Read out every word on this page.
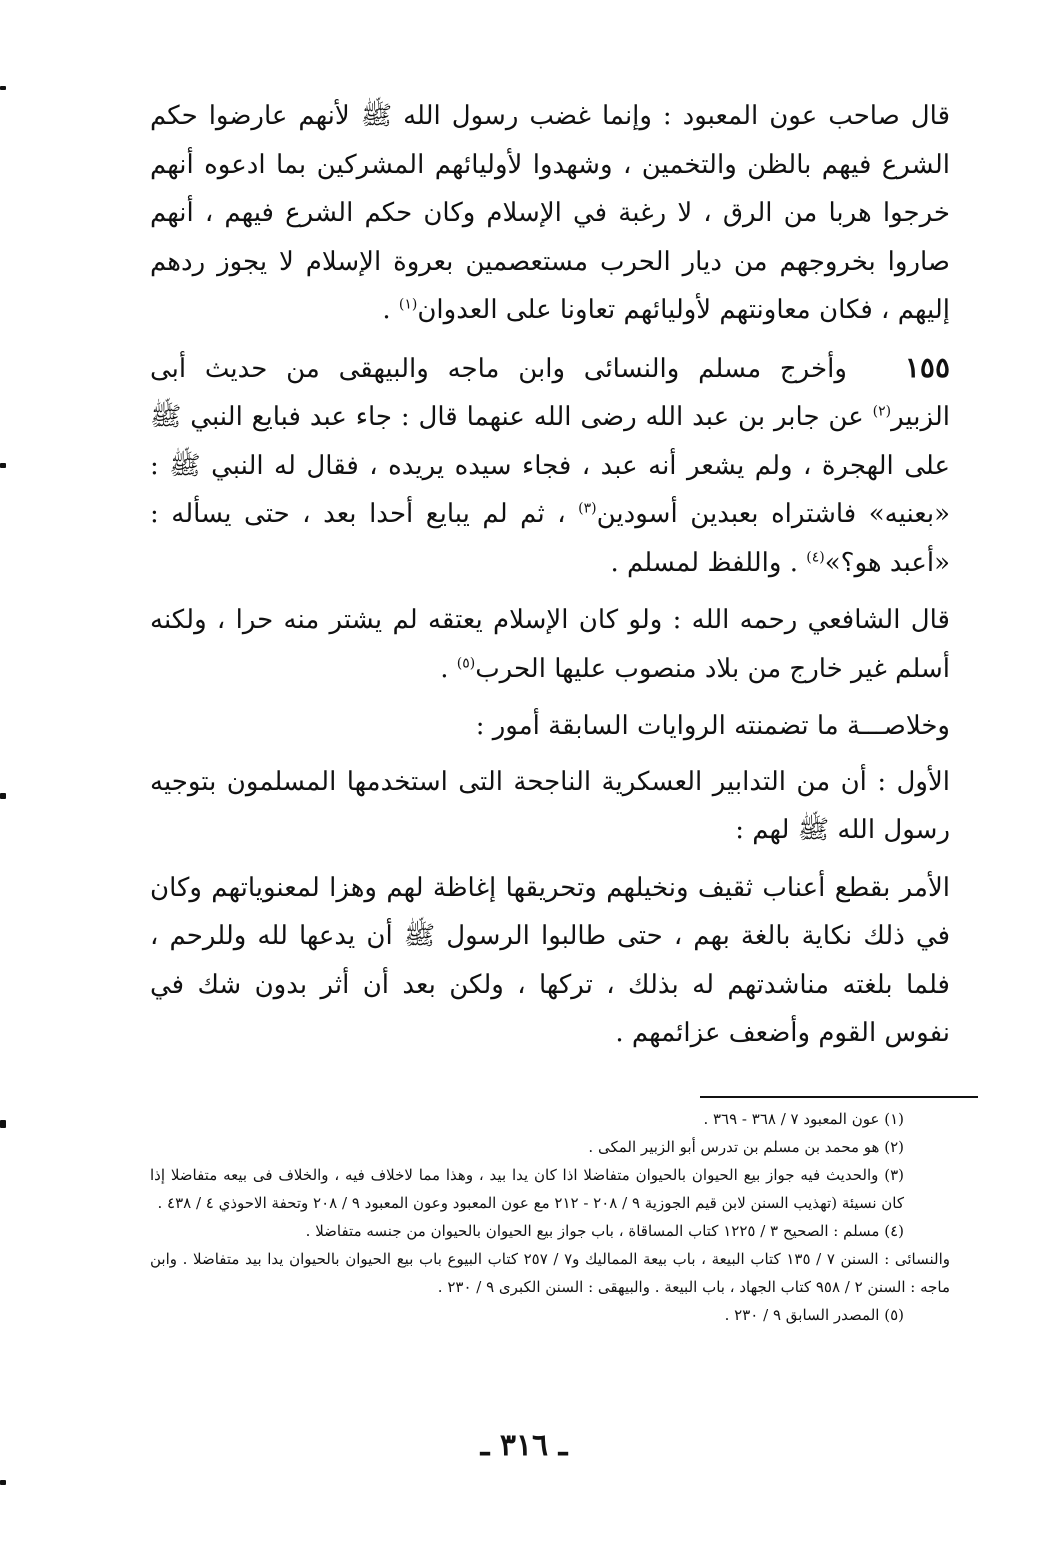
قال صاحب عون المعبود : وإنما غضب رسول الله ﷺ لأنهم عارضوا حكم الشرع فيهم بالظن والتخمين ، وشهدوا لأوليائهم المشركين بما ادعوه أنهم خرجوا هربا من الرق ، لا رغبة في الإسلام وكان حكم الشرع فيهم ، أنهم صاروا بخروجهم من ديار الحرب مستعصمين بعروة الإسلام لا يجوز ردهم إليهم ، فكان معاونتهم لأوليائهم تعاونا على العدوان$^{(١)}$ .

١٥٥وأخرج مسلم والنسائى وابن ماجه والبيهقى من حديث أبى الزبير$^{(٢)}$ عن جابر بن عبد الله رضى الله عنهما قال : جاء عبد فبايع النبي ﷺ على الهجرة ، ولم يشعر أنه عبد ، فجاء سيده يريده ، فقال له النبي ﷺ : «بعنيه» فاشتراه بعبدين أسودين$^{(٣)}$ ، ثم لم يبايع أحدا بعد ، حتى يسأله : «أعبد هو؟»$^{(٤)}$ . واللفظ لمسلم .

قال الشافعي رحمه الله : ولو كان الإسلام يعتقه لم يشتر منه حرا ، ولكنه أسلم غير خارج من بلاد منصوب عليها الحرب$^{(٥)}$ .

وخلاصـــة ما تضمنته الروايات السابقة أمور :

الأول : أن من التدابير العسكرية الناجحة التى استخدمها المسلمون بتوجيه رسول الله ﷺ لهم :

الأمر بقطع أعناب ثقيف ونخيلهم وتحريقها إغاظة لهم وهزا لمعنوياتهم وكان في ذلك نكاية بالغة بهم ، حتى طالبوا الرسول ﷺ أن يدعها لله وللرحم ، فلما بلغته مناشدتهم له بذلك ، تركها ، ولكن بعد أن أثر بدون شك في نفوس القوم وأضعف عزائمهم .

(١) عون المعبود ٧ / ٣٦٨ - ٣٦٩ .

(٢) هو محمد بن مسلم بن تدرس أبو الزبير المكى .

(٣) والحديث فيه جواز بيع الحيوان بالحيوان متفاضلا اذا كان يدا بيد ، وهذا مما لاخلاف فيه ، والخلاف فى بيعه متفاضلا إذا كان نسيئة (تهذيب السنن لابن قيم الجوزية ٩ / ٢٠٨ - ٢١٢ مع عون المعبود وعون المعبود ٩ / ٢٠٨ وتحفة الاحوذي ٤ / ٤٣٨ .

(٤) مسلم : الصحيح ٣ / ١٢٢٥ كتاب المساقاة ، باب جواز بيع الحيوان بالحيوان من جنسه متفاضلا .

والنسائى : السنن ٧ / ١٣٥ كتاب البيعة ، باب بيعة المماليك و٧ / ٢٥٧ كتاب البيوع باب بيع الحيوان بالحيوان يدا بيد متفاضلا . وابن ماجه : السنن ٢ / ٩٥٨ كتاب الجهاد ، باب البيعة . والبيهقى : السنن الكبرى ٩ / ٢٣٠ .

(٥) المصدر السابق ٩ / ٢٣٠ .

ـ ٣١٦ ـ
